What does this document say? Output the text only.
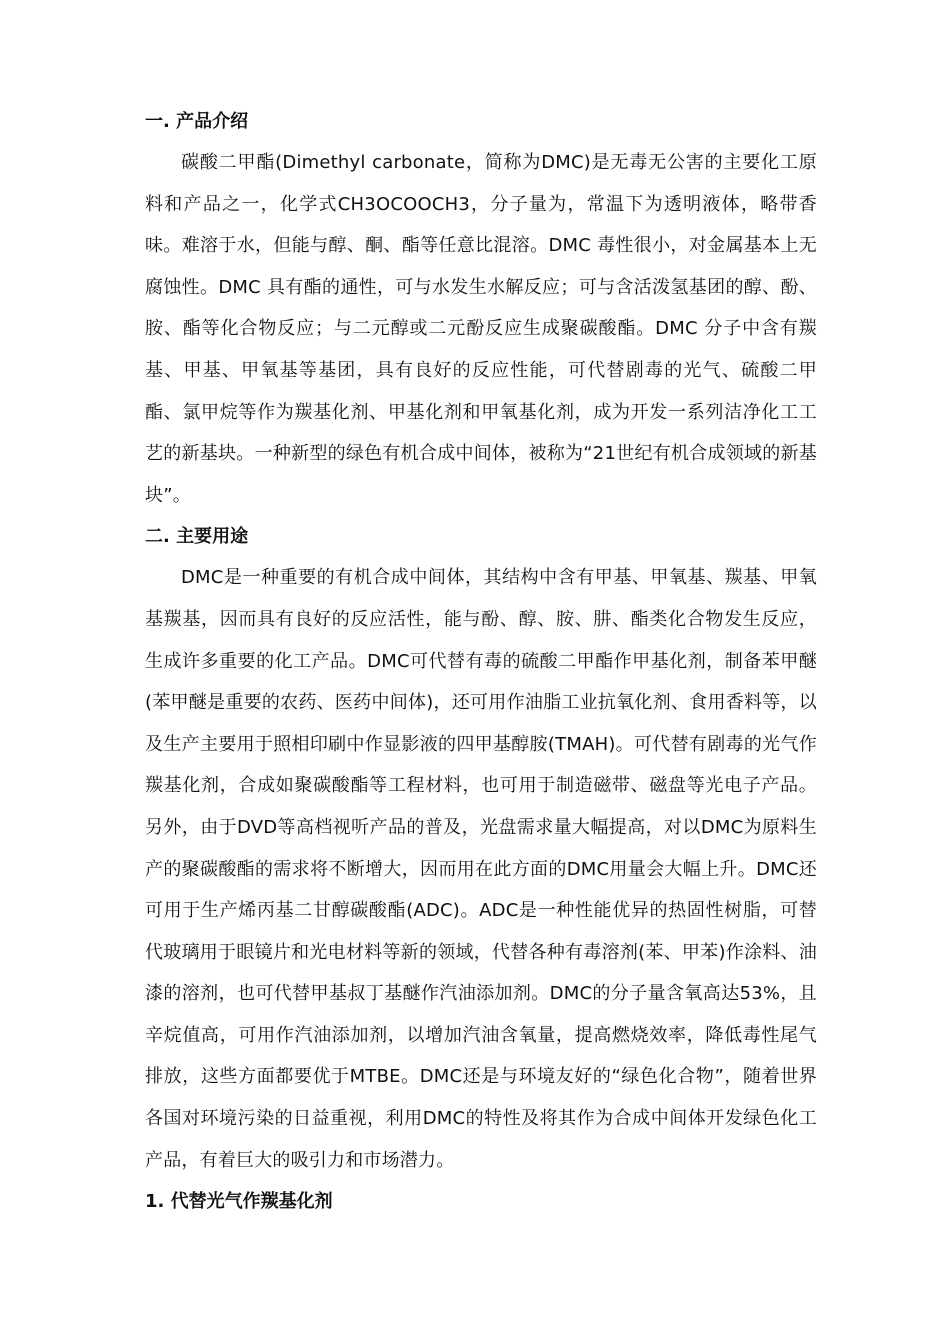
一. 产品介绍

碳酸二甲酯(Dimethyl carbonate，简称为DMC)是无毒无公害的主要化工原料和产品之一，化学式CH3OCOOCH3，分子量为，常温下为透明液体，略带香味。难溶于水，但能与醇、酮、酯等任意比混溶。DMC 毒性很小，对金属基本上无腐蚀性。DMC 具有酯的通性，可与水发生水解反应；可与含活泼氢基团的醇、酚、胺、酯等化合物反应；与二元醇或二元酚反应生成聚碳酸酯。DMC 分子中含有羰基、甲基、甲氧基等基团，具有良好的反应性能，可代替剧毒的光气、硫酸二甲酯、氯甲烷等作为羰基化剂、甲基化剂和甲氧基化剂，成为开发一系列洁净化工工艺的新基块。一种新型的绿色有机合成中间体，被称为“21世纪有机合成领域的新基块”。

二. 主要用途

DMC是一种重要的有机合成中间体，其结构中含有甲基、甲氧基、羰基、甲氧基羰基，因而具有良好的反应活性，能与酚、醇、胺、肼、酯类化合物发生反应，生成许多重要的化工产品。DMC可代替有毒的硫酸二甲酯作甲基化剂，制备苯甲醚(苯甲醚是重要的农药、医药中间体)，还可用作油脂工业抗氧化剂、食用香料等，以及生产主要用于照相印刷中作显影液的四甲基醇胺(TMAH)。可代替有剧毒的光气作羰基化剂，合成如聚碳酸酯等工程材料，也可用于制造磁带、磁盘等光电子产品。另外，由于DVD等高档视听产品的普及，光盘需求量大幅提高，对以DMC为原料生产的聚碳酸酯的需求将不断增大，因而用在此方面的DMC用量会大幅上升。DMC还可用于生产烯丙基二甘醇碳酸酯(ADC)。ADC是一种性能优异的热固性树脂，可替代玻璃用于眼镜片和光电材料等新的领域，代替各种有毒溶剂(苯、甲苯)作涂料、油漆的溶剂，也可代替甲基叔丁基醚作汽油添加剂。DMC的分子量含氧高达53%，且辛烷值高，可用作汽油添加剂，以增加汽油含氧量，提高燃烧效率，降低毒性尾气排放，这些方面都要优于MTBE。DMC还是与环境友好的“绿色化合物”，随着世界各国对环境污染的日益重视，利用DMC的特性及将其作为合成中间体开发绿色化工产品，有着巨大的吸引力和市场潜力。

1. 代替光气作羰基化剂
